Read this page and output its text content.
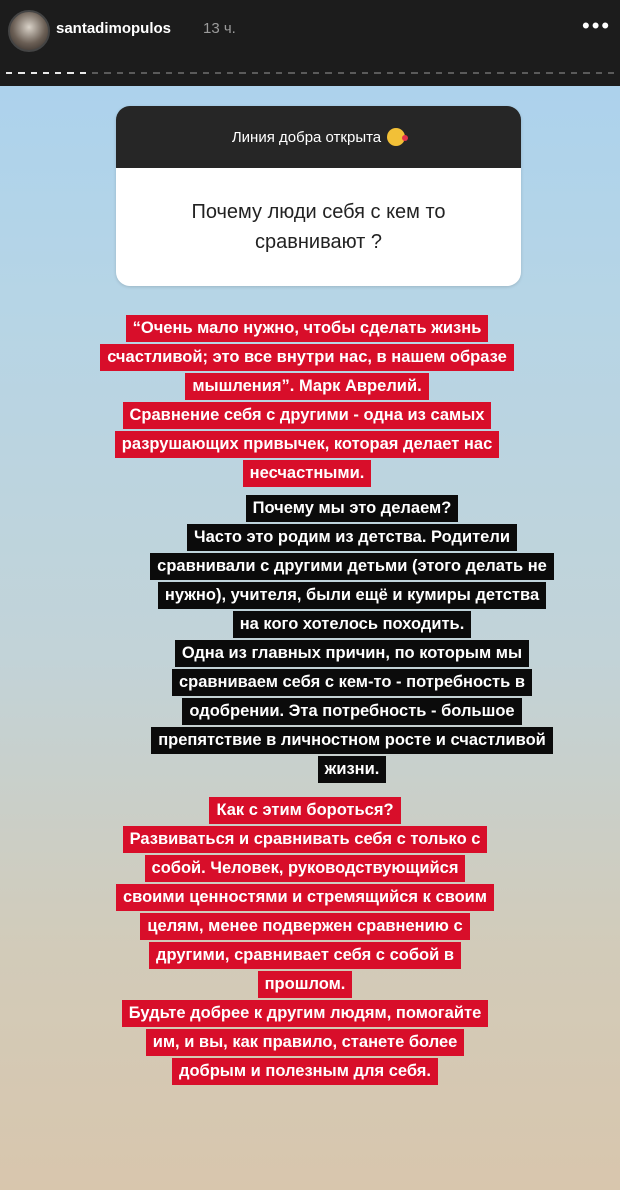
santadimopulos 13 ч.	•••
Линия добра открыта
Почему люди себя с кем то сравнивают ?
“Очень мало нужно, чтобы сделать жизнь
счастливой; это все внутри нас, в нашем образе
мышления”. Марк Аврелий.
Сравнение себя с другими - одна из самых
разрушающих привычек, которая делает нас
несчастными.
Почему мы это делаем?
Часто это родим из детства. Родители
сравнивали с другими детьми (этого делать не
нужно), учителя, были ещё и кумиры детства
на кого хотелось походить.
Одна из главных причин, по которым мы
сравниваем себя с кем-то - потребность в
одобрении. Эта потребность - большое
препятствие в личностном росте и счастливой
жизни.
Как с этим бороться?
Развиваться и сравнивать себя с только с
собой. Человек, руководствующийся
своими ценностями и стремящийся к своим
целям, менее подвержен сравнению с
другими, сравнивает себя с собой в
прошлом.
Будьте добрее к другим людям, помогайте
им, и вы, как правило, станете более
добрым и полезным для себя.
